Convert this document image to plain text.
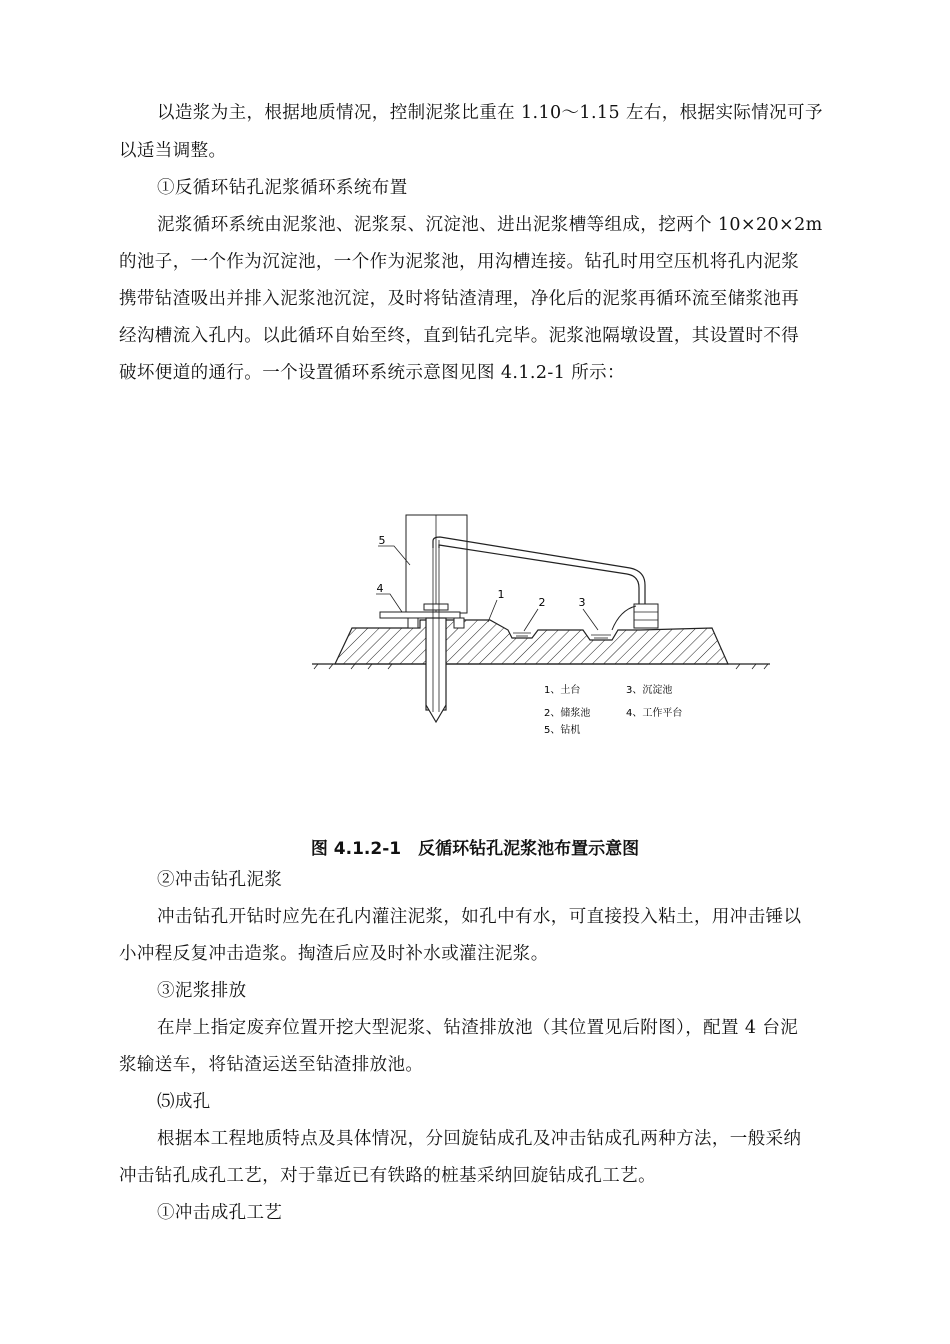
以造浆为主，根据地质情况，控制泥浆比重在 1.10～1.15 左右，根据实际情况可予
以适当调整。
①反循环钻孔泥浆循环系统布置
泥浆循环系统由泥浆池、泥浆泵、沉淀池、进出泥浆槽等组成，挖两个 10×20×2m
的池子，一个作为沉淀池，一个作为泥浆池，用沟槽连接。钻孔时用空压机将孔内泥浆
携带钻渣吸出并排入泥浆池沉淀，及时将钻渣清理，净化后的泥浆再循环流至储浆池再
经沟槽流入孔内。以此循环自始至终，直到钻孔完毕。泥浆池隔墩设置，其设置时不得
破坏便道的通行。一个设置循环系统示意图见图 4.1.2-1 所示：
5
4	1
2	3
1、土台	3、沉淀池
2、储浆池	4、工作平台
5、钻机
图 4.1.2-1　反循环钻孔泥浆池布置示意图
②冲击钻孔泥浆
冲击钻孔开钻时应先在孔内灌注泥浆，如孔中有水，可直接投入粘土，用冲击锤以
小冲程反复冲击造浆。掏渣后应及时补水或灌注泥浆。
③泥浆排放
在岸上指定废弃位置开挖大型泥浆、钻渣排放池（其位置见后附图），配置 4 台泥
浆输送车，将钻渣运送至钻渣排放池。
⑸成孔
根据本工程地质特点及具体情况，分回旋钻成孔及冲击钻成孔两种方法，一般采纳
冲击钻孔成孔工艺，对于靠近已有铁路的桩基采纳回旋钻成孔工艺。
①冲击成孔工艺
